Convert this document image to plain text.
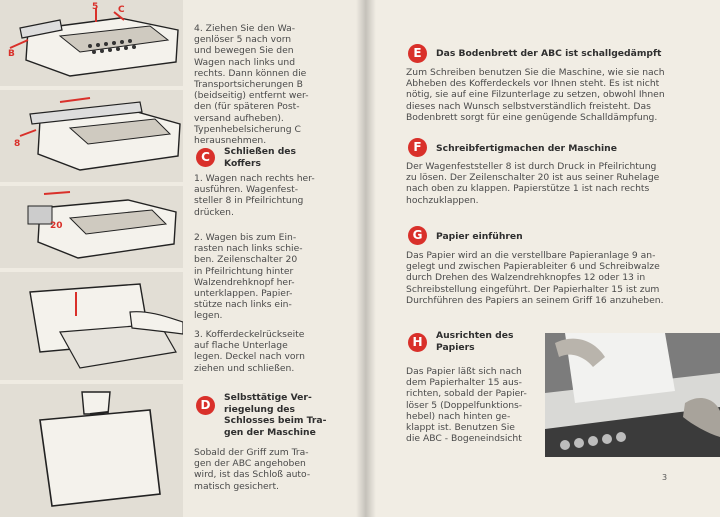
5 C
B
8
20

4. Ziehen Sie den Wa-

genlöser 5 nach vorn

und bewegen Sie den

Wagen nach links und

rechts. Dann können die

Transportsicherungen B

(beidseitig) entfernt wer-

den (für späteren Post-

versand aufheben).

Typenhebelsicherung C

herausnehmen.

C	Schließen des
Koffers

1. Wagen nach rechts her-

ausführen. Wagenfest-

steller 8 in Pfeilrichtung

drücken.

2. Wagen bis zum Ein-

rasten nach links schie-

ben. Zeilenschalter 20

in Pfeilrichtung hinter

Walzendrehknopf her-

unterklappen. Papier-

stütze nach links ein-

legen.

3. Kofferdeckelrückseite

auf flache Unterlage

legen. Deckel nach vorn

ziehen und schließen.

D
Selbsttätige Ver-
riegelung des
Schlosses beim Tra-
gen der Maschine

Sobald der Griff zum Tra-

gen der ABC angehoben

wird, ist das Schloß auto-

matisch gesichert.

E	Das Bodenbrett der ABC ist schallgedämpft

Zum Schreiben benutzen Sie die Maschine, wie sie nach

Abheben des Kofferdeckels vor Ihnen steht. Es ist nicht

nötig, sie auf eine Filzunterlage zu setzen, obwohl Ihnen

dieses nach Wunsch selbstverständlich freisteht. Das

Bodenbrett sorgt für eine genügende Schalldämpfung.

F	Schreibfertigmachen der Maschine

Der Wagenfeststeller 8 ist durch Druck in Pfeilrichtung

zu lösen. Der Zeilenschalter 20 ist aus seiner Ruhelage

nach oben zu klappen. Papierstütze 1 ist nach rechts

hochzuklappen.

G	Papier einführen

Das Papier wird an die verstellbare Papieranlage 9 an-

gelegt und zwischen Papierableiter 6 und Schreibwalze

durch Drehen des Walzendrehknopfes 12 oder 13 in

Schreibstellung eingeführt. Der Papierhalter 15 ist zum

Durchführen des Papiers an seinem Griff 16 anzuheben.

H	Ausrichten des
Papiers

Das Papier läßt sich nach

dem Papierhalter 15 aus-

richten, sobald der Papier-

löser 5 (Doppelfunktions-

hebel) nach hinten ge-

klappt ist. Benutzen Sie

die ABC - Bogeneindsicht

3
